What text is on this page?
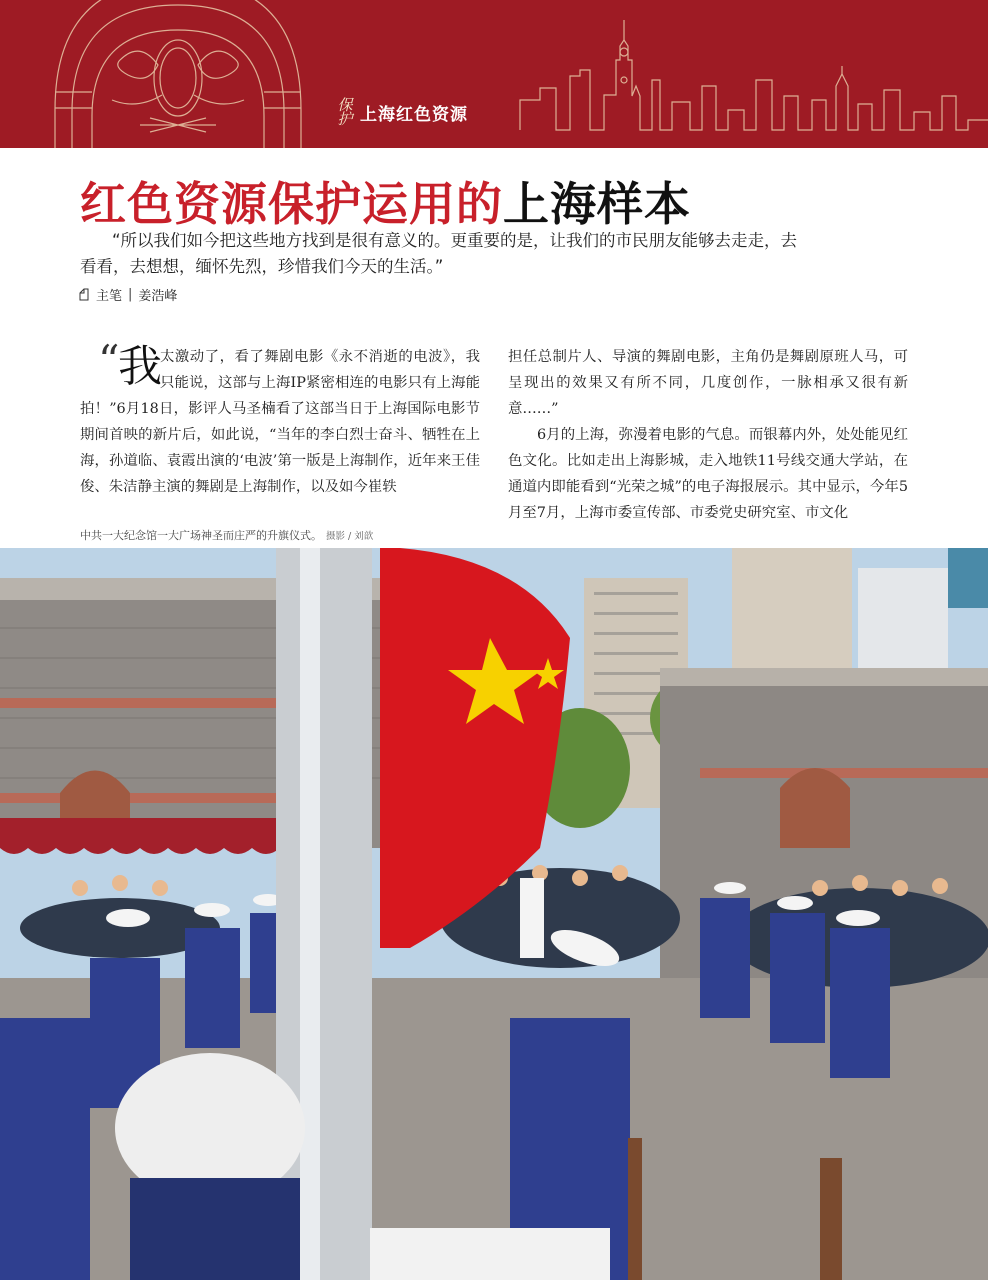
保护 上海红色资源
红色资源保护运用的上海样本

“所以我们如今把这些地方找到是很有意义的。更重要的是，让我们的市民朋友能够去走走，去看看，去想想，缅怀先烈，珍惜我们今天的生活。”

主笔 | 姜浩峰
“
我

太激动了，看了舞剧电影《永不消逝的电波》，我只能说，这部与上海IP紧密相连的电影只有上海能拍！”6月18日，影评人马圣楠看了这部当日于上海国际电影节期间首映的新片后，如此说，“当年的李白烈士奋斗、牺牲在上海，孙道临、袁霞出演的‘电波’第一版是上海制作，近年来王佳俊、朱洁静主演的舞剧是上海制作，以及如今崔轶

担任总制片人、导演的舞剧电影，主角仍是舞剧原班人马，可呈现出的效果又有所不同，几度创作，一脉相承又很有新意……”

6月的上海，弥漫着电影的气息。而银幕内外，处处能见红色文化。比如走出上海影城，走入地铁11号线交通大学站，在通道内即能看到“光荣之城”的电子海报展示。其中显示，今年5月至7月，上海市委宣传部、市委党史研究室、市文化

中共一大纪念馆一大广场神圣而庄严的升旗仪式。 摄影 / 刘歆
